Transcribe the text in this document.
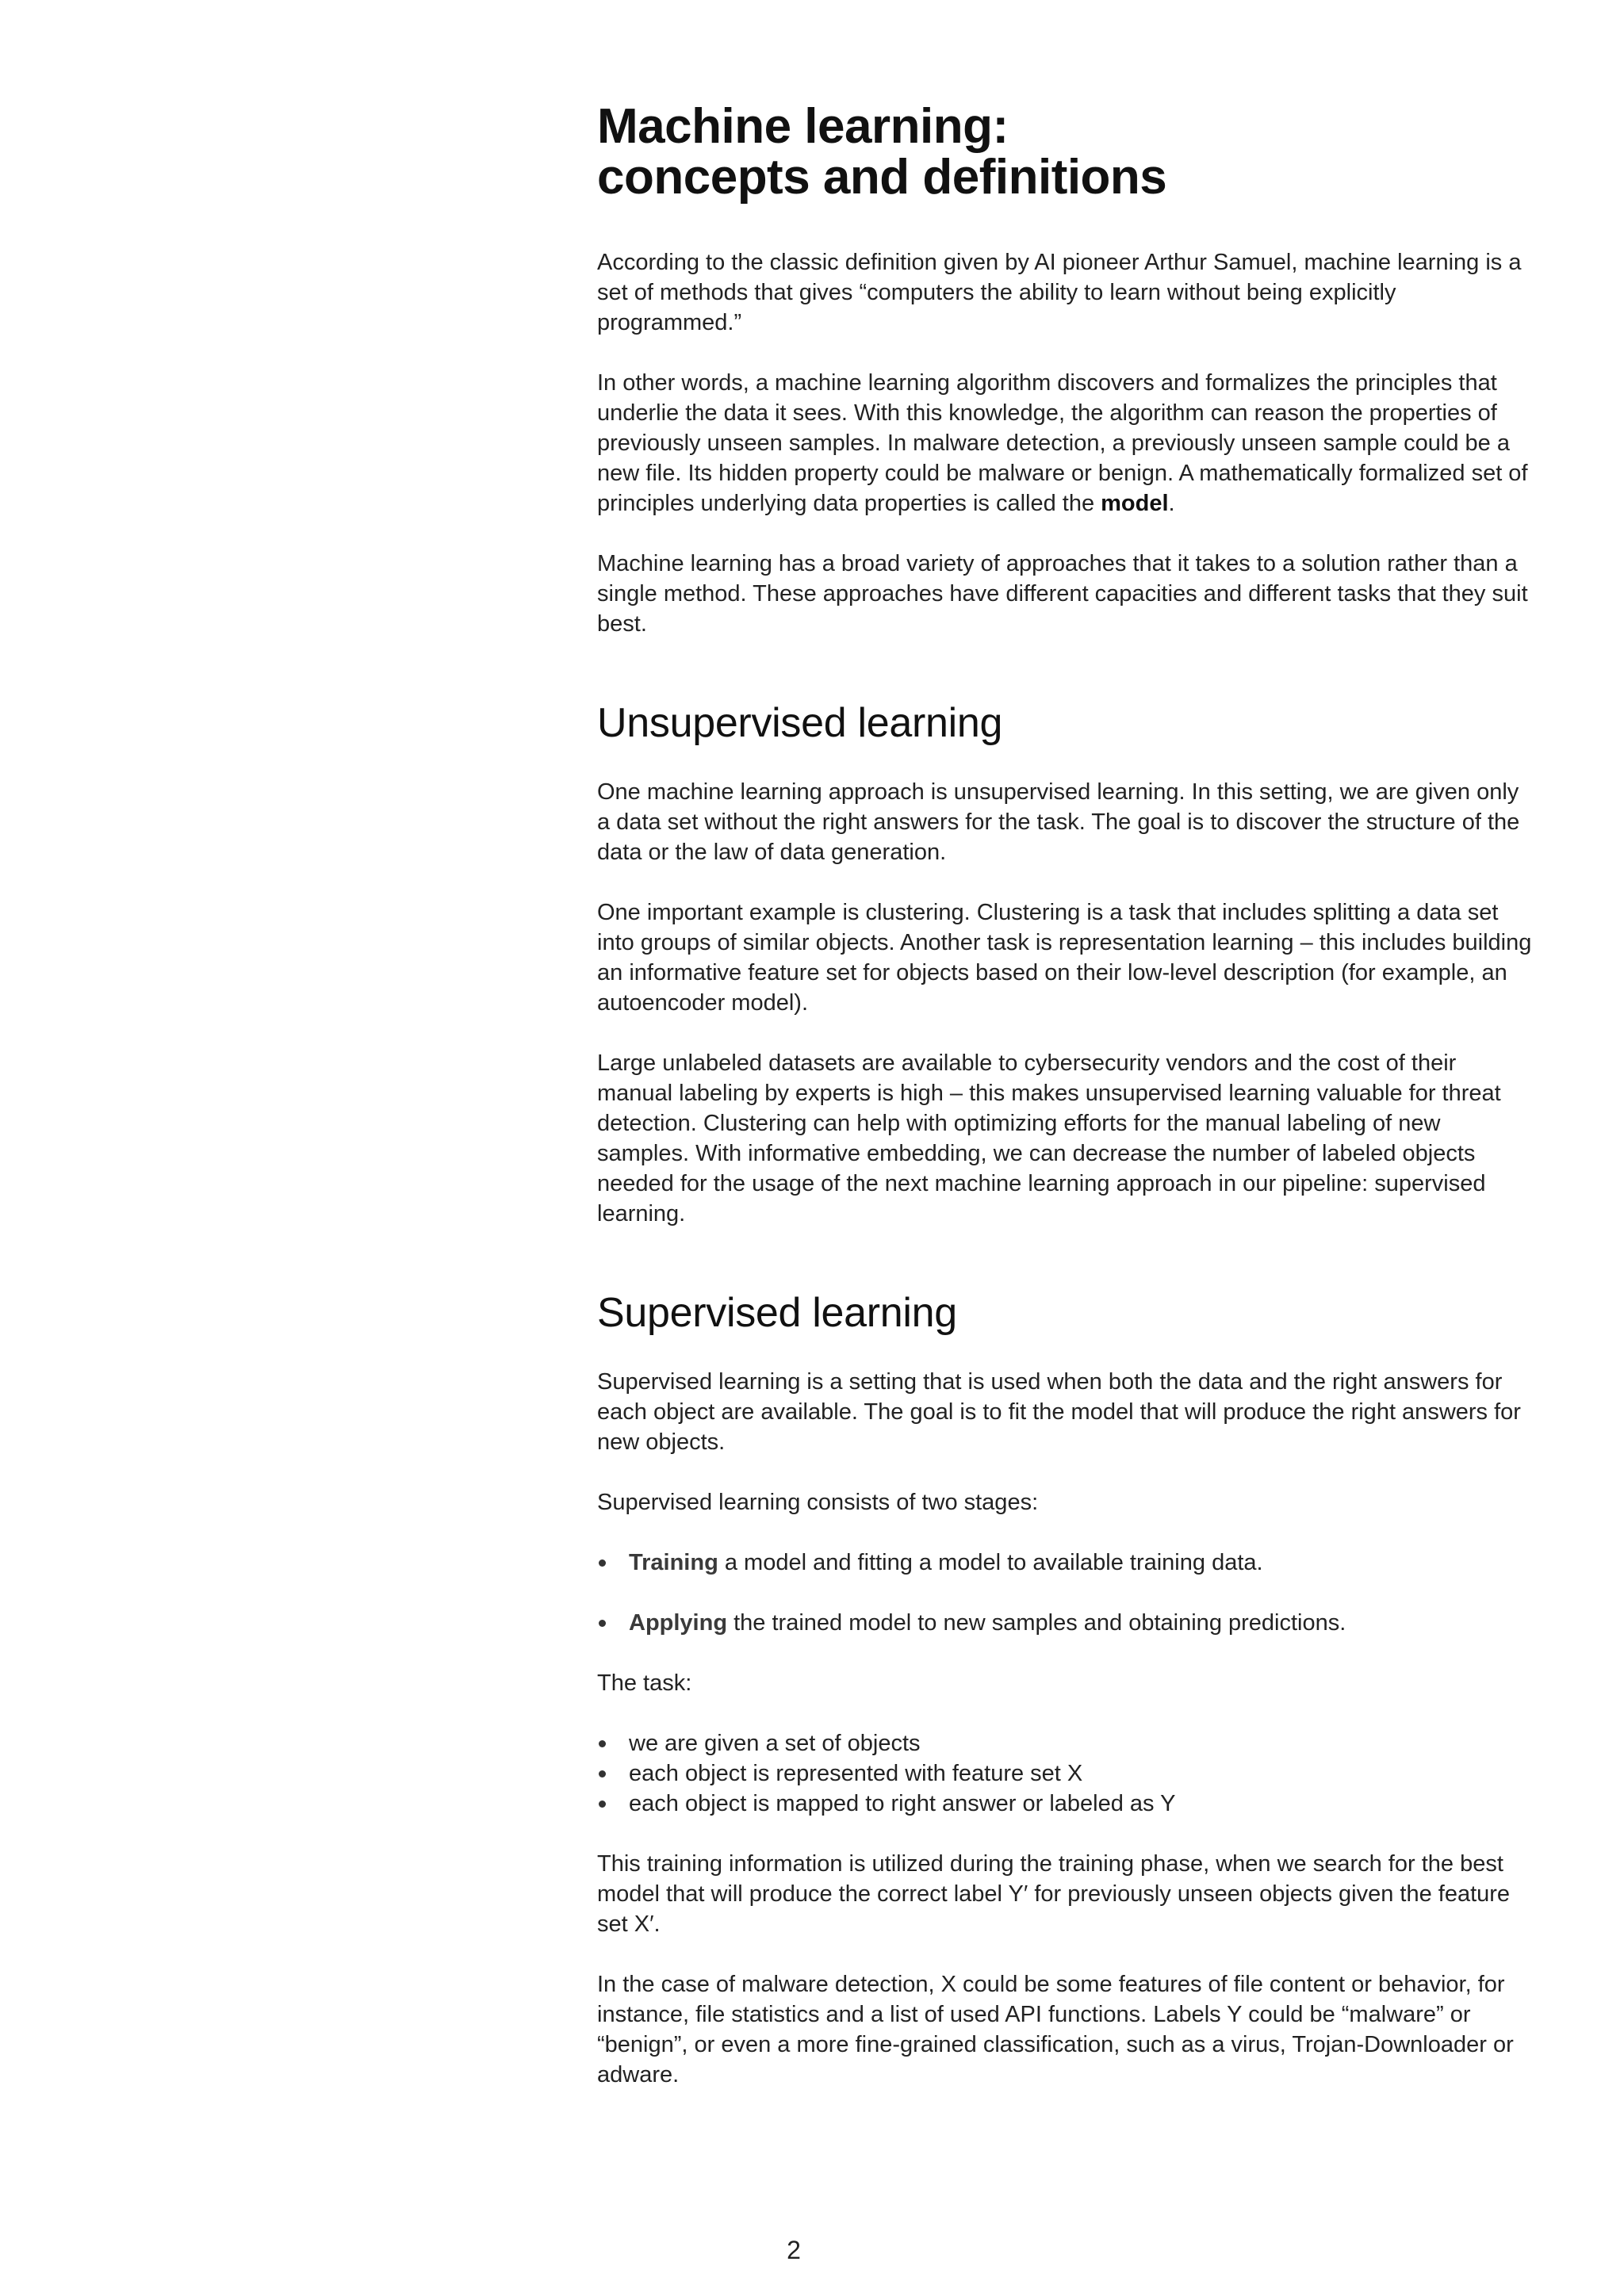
Machine learning:
concepts and definitions

According to the classic definition given by AI pioneer Arthur Samuel, machine learning is a set of methods that gives “computers the ability to learn without being explicitly programmed.”

In other words, a machine learning algorithm discovers and formalizes the principles that underlie the data it sees. With this knowledge, the algorithm can reason the properties of previously unseen samples. In malware detection, a previously unseen sample could be a new file. Its hidden property could be malware or benign. A mathematically formalized set of principles underlying data properties is called the model.

Machine learning has a broad variety of approaches that it takes to a solution rather than a single method. These approaches have different capacities and different tasks that they suit best.

Unsupervised learning

One machine learning approach is unsupervised learning. In this setting, we are given only a data set without the right answers for the task. The goal is to discover the structure of the data or the law of data generation.

One important example is clustering. Clustering is a task that includes splitting a data set into groups of similar objects. Another task is representation learning – this includes building an informative feature set for objects based on their low-level description (for example, an autoencoder model).

Large unlabeled datasets are available to cybersecurity vendors and the cost of their manual labeling by experts is high – this makes unsupervised learning valuable for threat detection. Clustering can help with optimizing efforts for the manual labeling of new samples. With informative embedding, we can decrease the number of labeled objects needed for the usage of the next machine learning approach in our pipeline: supervised learning.

Supervised learning

Supervised learning is a setting that is used when both the data and the right answers for each object are available. The goal is to fit the model that will produce the right answers for new objects.

Supervised learning consists of two stages:

Training a model and fitting a model to available training data.
Applying the trained model to new samples and obtaining predictions.

The task:

we are given a set of objects
each object is represented with feature set X
each object is mapped to right answer or labeled as Y

This training information is utilized during the training phase, when we search for the best model that will produce the correct label Y′ for previously unseen objects given the feature set X′.

In the case of malware detection, X could be some features of file content or behavior, for instance, file statistics and a list of used API functions. Labels Y could be “malware” or “benign”, or even a more fine-grained classification, such as a virus, Trojan-Downloader or adware.

2
